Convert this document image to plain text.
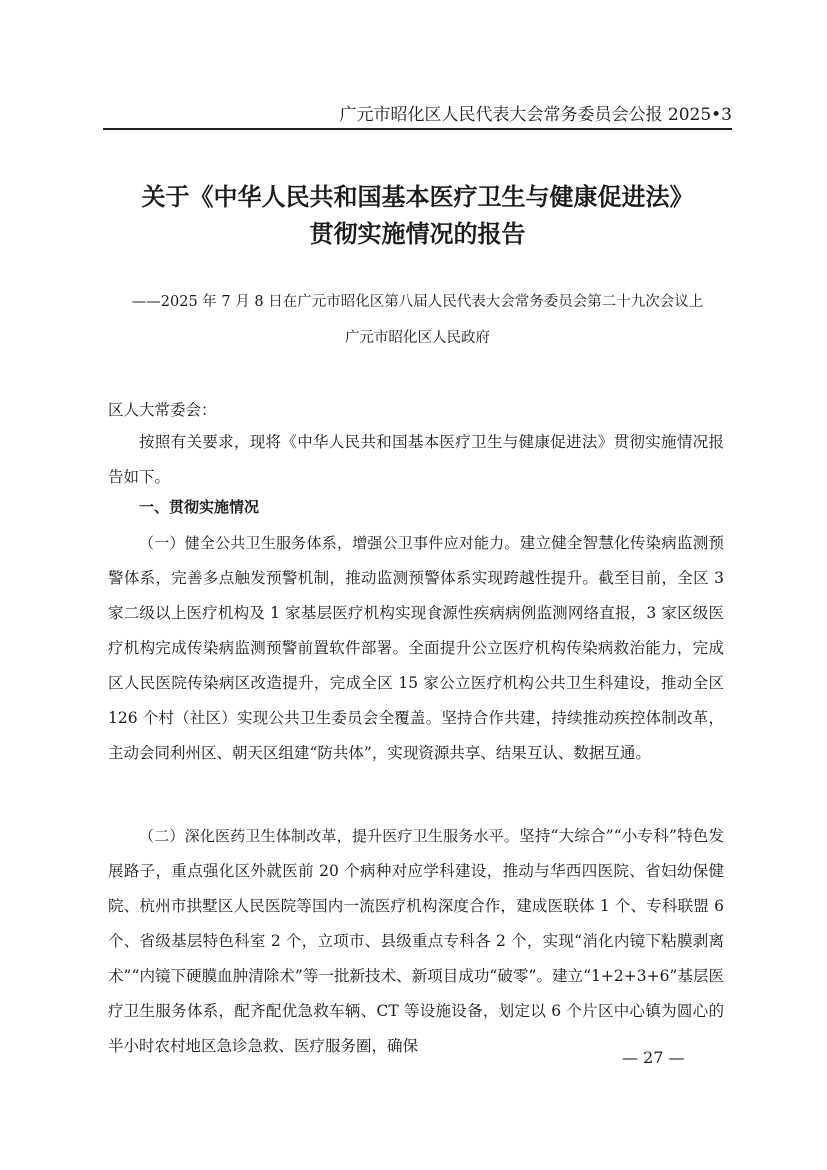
广元市昭化区人民代表大会常务委员会公报 2025•3
关于《中华人民共和国基本医疗卫生与健康促进法》
贯彻实施情况的报告
——2025 年 7 月 8 日在广元市昭化区第八届人民代表大会常务委员会第二十九次会议上
广元市昭化区人民政府

区人大常委会：

按照有关要求，现将《中华人民共和国基本医疗卫生与健康促进法》贯彻实施情况报告如下。

一、贯彻实施情况

（一）健全公共卫生服务体系，增强公卫事件应对能力。建立健全智慧化传染病监测预警体系，完善多点触发预警机制，推动监测预警体系实现跨越性提升。截至目前，全区 3 家二级以上医疗机构及 1 家基层医疗机构实现食源性疾病病例监测网络直报，3 家区级医疗机构完成传染病监测预警前置软件部署。全面提升公立医疗机构传染病救治能力，完成区人民医院传染病区改造提升，完成全区 15 家公立医疗机构公共卫生科建设，推动全区 126 个村（社区）实现公共卫生委员会全覆盖。坚持合作共建，持续推动疾控体制改革，主动会同利州区、朝天区组建“防共体”，实现资源共享、结果互认、数据互通。

（二）深化医药卫生体制改革，提升医疗卫生服务水平。坚持“大综合”“小专科”特色发展路子，重点强化区外就医前 20 个病种对应学科建设，推动与华西四医院、省妇幼保健院、杭州市拱墅区人民医院等国内一流医疗机构深度合作，建成医联体 1 个、专科联盟 6 个、省级基层特色科室 2 个，立项市、县级重点专科各 2 个，实现“消化内镜下粘膜剥离术”“内镜下硬膜血肿清除术”等一批新技术、新项目成功“破零”。建立“1+2+3+6”基层医疗卫生服务体系，配齐配优急救车辆、CT 等设施设备，划定以 6 个片区中心镇为圆心的半小时农村地区急诊急救、医疗服务圈，确保

— 27 —
